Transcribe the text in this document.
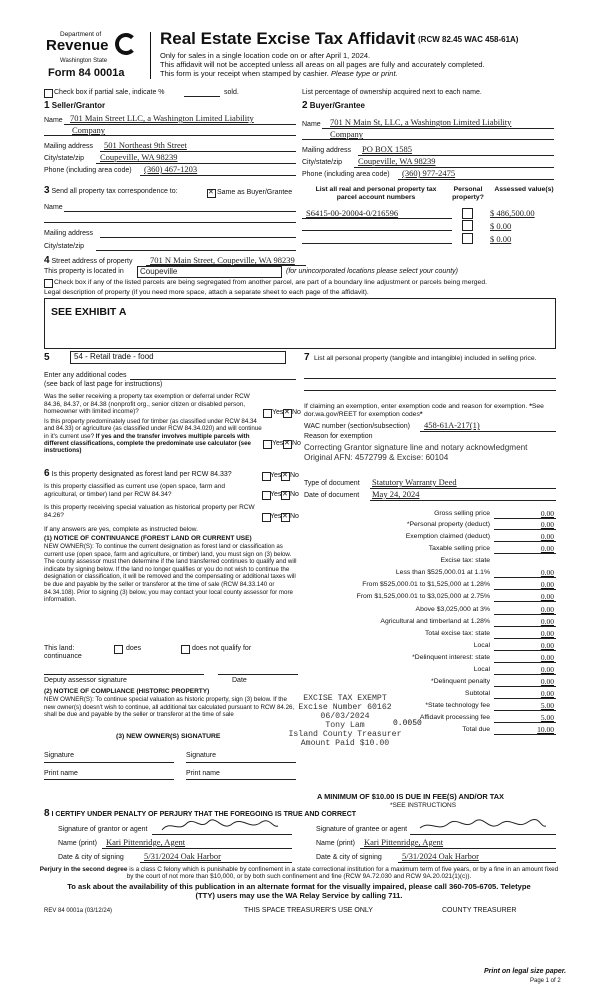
Department of
Revenue
Washington State
Form 84 0001a
Real Estate Excise Tax Affidavit (RCW 82.45 WAC 458-61A)
Only for sales in a single location code on or after April 1, 2024.
This affidavit will not be accepted unless all areas on all pages are fully and accurately completed.
This form is your receipt when stamped by cashier. Please type or print.
Check box if partial sale, indicate %	sold.	List percentage of ownership acquired next to each name.
1 Seller/Grantor
Name 701 Main Street LLC, a Washington Limited Liability
Company
Mailing address 501 Northeast 9th Street
City/state/zip Coupeville, WA 98239
Phone (including area code) (360) 467-1203
2 Buyer/Grantee
Name 701 N Main St, LLC, a Washington Limited Liability
Company
Mailing address PO BOX 1585
City/state/zip Coupeville, WA 98239
Phone (including area code) (360) 977-2475
3 Send all property tax correspondence to: ✕	Same as Buyer/Grantee
Name
Mailing address
City/state/zip
List all real and personal property tax parcel account numbers
Personal property?
Assessed value(s)
S6415-00-20004-0/216596	$ 486,500.00
$ 0.00
$ 0.00
4 Street address of property 701 N Main Street, Coupeville, WA 98239
This property is located in Coupeville	(for unincorporated locations please select your county)
Check box if any of the listed parcels are being segregated from another parcel, are part of a boundary line adjustment or parcels being merged.
Legal description of property (if you need more space, attach a separate sheet to each page of the affidavit).
SEE EXHIBIT A
5	54 - Retail trade - food
Enter any additional codes
(see back of last page for instructions)
Was the seller receiving a property tax exemption or deferral under RCW 84.36, 84.37, or 84.38 (nonprofit org., senior citizen or disabled person, homeowner with limited income)?	Yes ✕ No
Is this property predominately used for timber (as classified under RCW 84.34 and 84.33) or agriculture (as classified under RCW 84.34.020) and will continue in it's current use? If yes and the transfer involves multiple parcels with different classifications, complete the predominate use calculator (see instructions)
Yes ✕ No
6 Is this property designated as forest land per RCW 84.33?	Yes ✕ No
Is this property classified as current use (open space, farm and agricultural, or timber) land per RCW 84.34?	Yes ✕ No
Is this property receiving special valuation as historical property per RCW 84.26?	Yes ✕ No
If any answers are yes, complete as instructed below.
(1) NOTICE OF CONTINUANCE (FOREST LAND OR CURRENT USE)
NEW OWNER(S): To continue the current designation as forest land or classification as current use (open space, farm and agriculture, or timber) land, you must sign on (3) below. The county assessor must then determine if the land transferred continues to qualify and will indicate by signing below. If the land no longer qualifies or you do not wish to continue the designation or classification, it will be removed and the compensating or additional taxes will be due and payable by the seller or transferor at the time of sale (RCW 84.33.140 or 84.34.108). Prior to signing (3) below, you may contact your local county assessor for more information.
This land:
continuance
does	does not qualify for
Deputy assessor signature	Date
(2) NOTICE OF COMPLIANCE (HISTORIC PROPERTY)
NEW OWNER(S): To continue special valuation as historic property, sign (3) below. If the new owner(s) doesn't wish to continue, all additional tax calculated pursuant to RCW 84.26, shall be due and payable by the seller or transferor at the time of sale
(3) NEW OWNER(S) SIGNATURE
Signature	Signature
Print name	Print name
7 List all personal property (tangible and intangible) included in selling price.
If claiming an exemption, enter exemption code and reason for exemption. *See dor.wa.gov/REET for exemption codes*
WAC number (section/subsection) 458-61A-217(1)
Reason for exemption
Correcting Grantor signature line and notary acknowledgment
Original AFN: 4572799 & Excise: 60104
Type of document Statutory Warranty Deed
Date of document May 24, 2024
Gross selling price	0.00
*Personal property (deduct)	0.00
Exemption claimed (deduct)	0.00
Taxable selling price	0.00
Excise tax: state
Less than $525,000.01 at 1.1%	0.00
From $525,000.01 to $1,525,000 at 1.28%	0.00
From $1,525,000.01 to $3,025,000 at 2.75%	0.00
Above $3,025,000 at 3%	0.00
Agricultural and timberland at 1.28%	0.00
Total excise tax: state	0.00
Local	0.00
*Delinquent interest: state	0.00
Local	0.00
*Delinquent penalty	0.00
Subtotal	0.00
*State technology fee	5.00
Affidavit processing fee	5.00
Total due	10.00
0.0050
A MINIMUM OF $10.00 IS DUE IN FEE(S) AND/OR TAX
*SEE INSTRUCTIONS
EXCISE TAX EXEMPT
Excise Number 60162
06/03/2024
Tony Lam
Island County Treasurer
Amount Paid $10.00
8 I CERTIFY UNDER PENALTY OF PERJURY THAT THE FOREGOING IS TRUE AND CORRECT
Signature of grantor or agent
Name (print) Kari Pittenridge, Agent
Date & city of signing 5/31/2024 Oak Harbor
Signature of grantee or agent
Name (print) Kari Pittenridge, Agent
Date & city of signing 5/31/2024 Oak Harbor
Perjury in the second degree is a class C felony which is punishable by confinement in a state correctional institution for a maximum term of five years, or by a fine in an amount fixed by the court of not more than $10,000, or by both such confinement and fine (RCW 9A.72.030 and RCW 9A.20.021(1)(c)).
To ask about the availability of this publication in an alternate format for the visually impaired, please call 360-705-6705. Teletype
(TTY) users may use the WA Relay Service by calling 711.
REV 84 0001a (03/12/24)	THIS SPACE TREASURER'S USE ONLY	COUNTY TREASURER
Print on legal size paper.
Page 1 of 2
